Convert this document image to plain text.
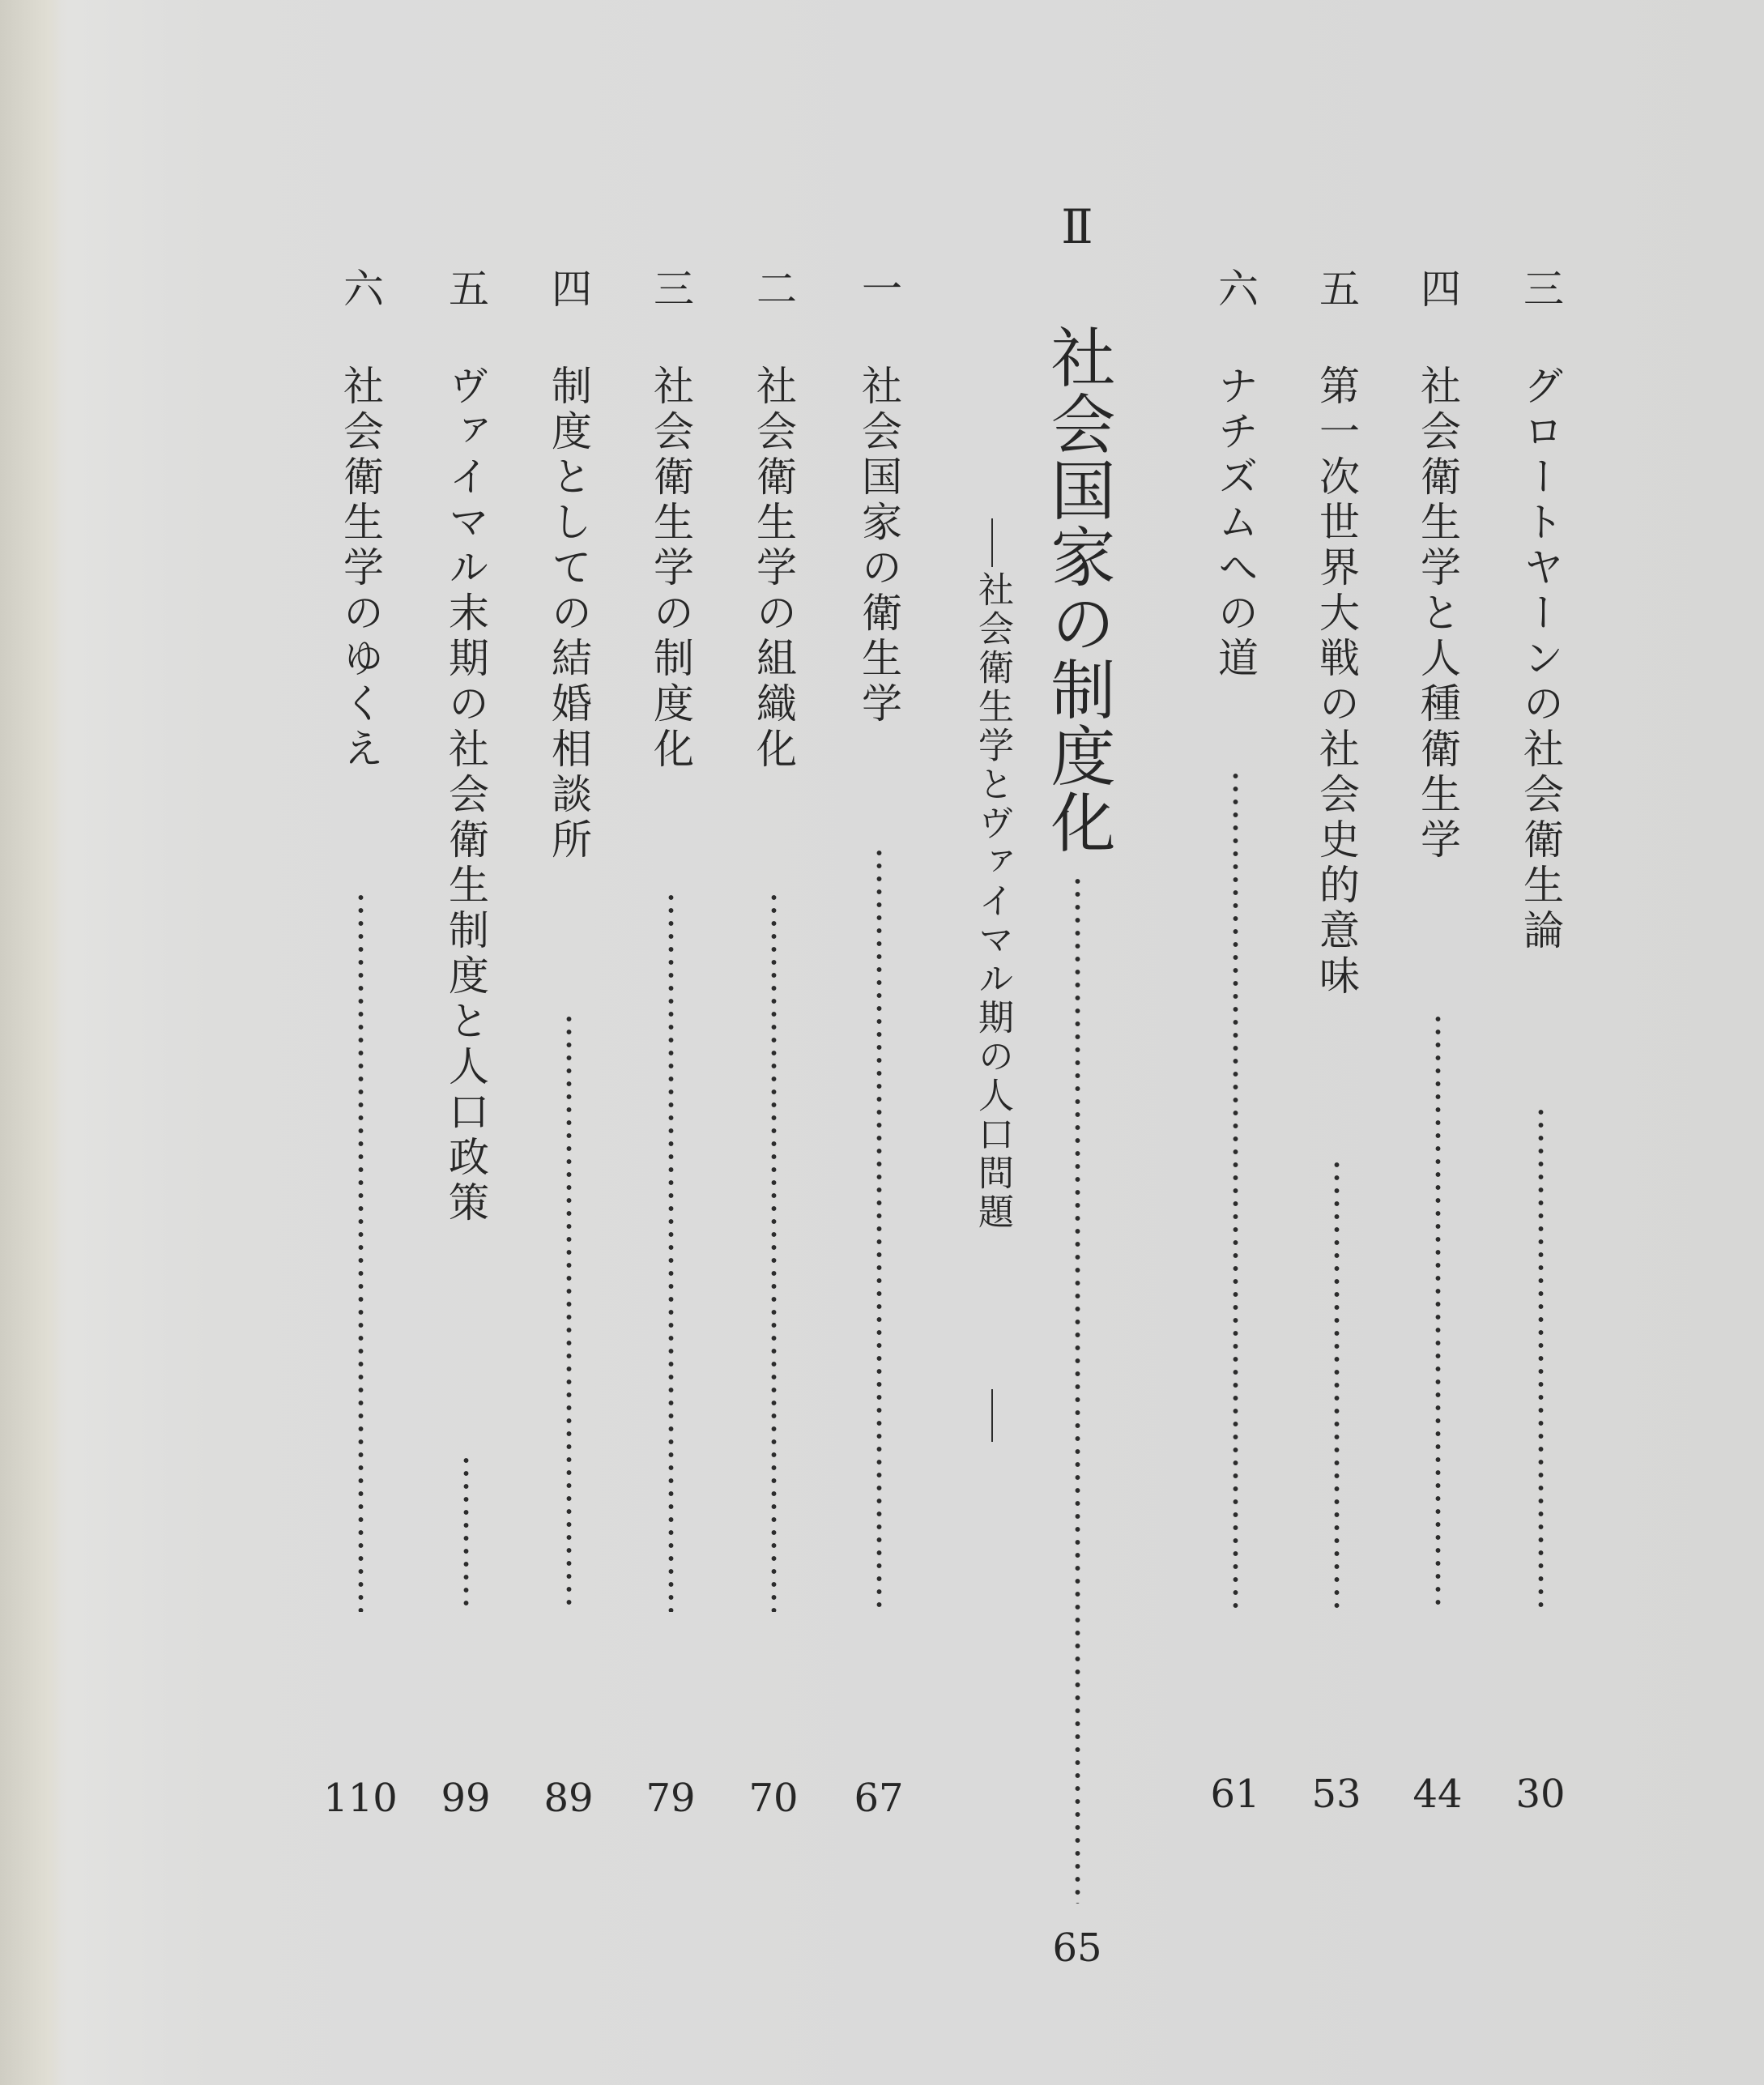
三
グロートヤーンの社会衛生論
30
四
社会衛生学と人種衛生学
44
五
第一次世界大戦の社会史的意味
53
六
ナチズムへの道
61
Ⅱ
社会国家の制度化
65
社会衛生学とヴァイマル期の人口問題
一
社会国家の衛生学
67
二
社会衛生学の組織化
70
三
社会衛生学の制度化
79
四
制度としての結婚相談所
89
五
ヴァイマル末期の社会衛生制度と人口政策
99
六
社会衛生学のゆくえ
110
